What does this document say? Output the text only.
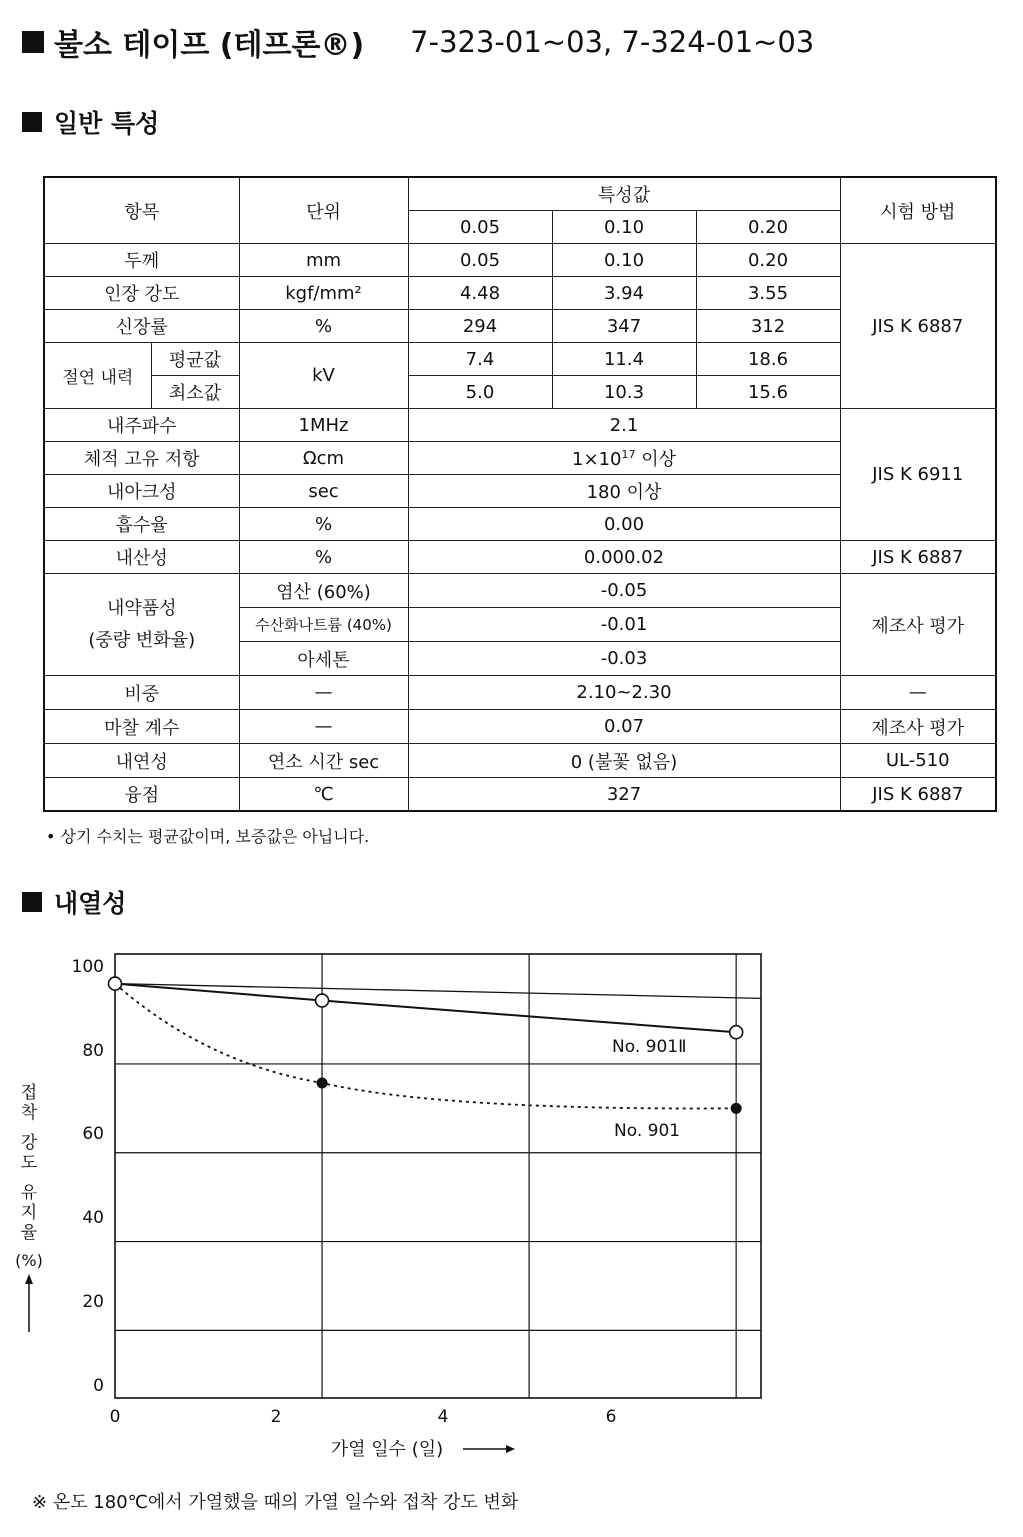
불소 테이프 (테프론®) 7-323-01~03, 7-324-01~03
일반 특성
항목		단위	특성값			시험 방법
			0.05	0.10	0.20	
두께		mm	0.05	0.10	0.20	JIS K 6887
인장 강도		kgf/mm²	4.48	3.94	3.55	
신장률		%	294	347	312	
절연 내력	평균값	kV	7.4	11.4	18.6	
	최소값		5.0	10.3	15.6	
내주파수		1MHz	2.1			JIS K 6911
체적 고유 저항		Ωcm	$1\times 10^{17}$ 이상			
내아크성		sec	180 이상			
흡수율		%	0.00			
내산성		%	0.000.02			JIS K 6887

내약품성
(중량 변화율)		염산 (60%)	-0.05			제조사 평가
		수산화나트륨 (40%)	-0.01			
		아세톤	-0.03			
비중		—	2.10~2.30			—
마찰 계수		—	0.07			제조사 평가
내연성		연소 시간 sec	0 (불꽃 없음)			UL-510
융점		℃	327			JIS K 6887
• 상기 수치는 평균값이며, 보증값은 아닙니다.
내열성
0
20
40
60
80
100
0	2	4	6
No. 901Ⅱ
No. 901
접
착
강
도
유
지
율
(%)
가열 일수 (일)
※ 온도 180℃에서 가열했을 때의 가열 일수와 접착 강도 변화
